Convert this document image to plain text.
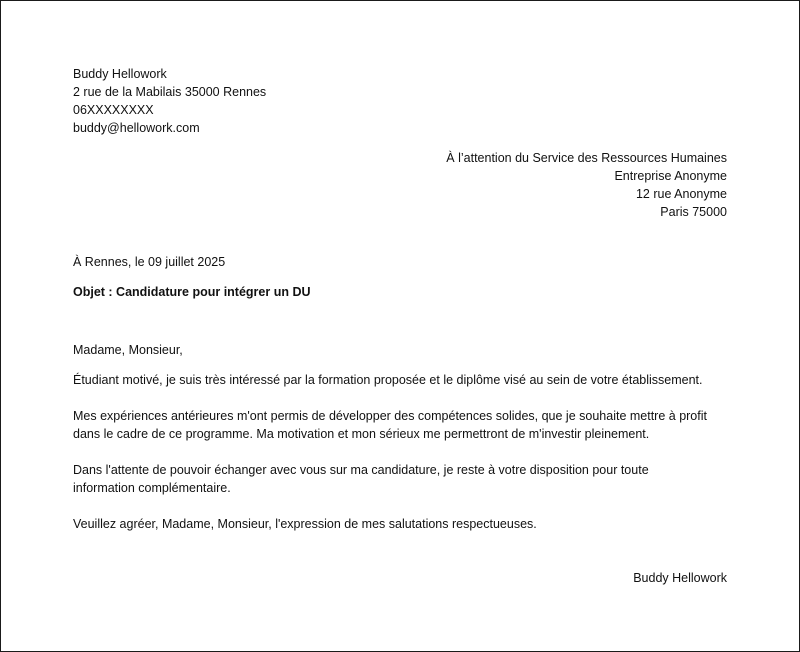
Buddy Hellowork
2 rue de la Mabilais 35000 Rennes
06XXXXXXXX
buddy@hellowork.com
À l’attention du Service des Ressources Humaines
Entreprise Anonyme
12 rue Anonyme
Paris 75000
À Rennes, le 09 juillet 2025
Objet : Candidature pour intégrer un DU
Madame, Monsieur,
Étudiant motivé, je suis très intéressé par la formation proposée et le diplôme visé au sein de votre établissement.
Mes expériences antérieures m'ont permis de développer des compétences solides, que je souhaite mettre à profit
dans le cadre de ce programme. Ma motivation et mon sérieux me permettront de m'investir pleinement.
Dans l'attente de pouvoir échanger avec vous sur ma candidature, je reste à votre disposition pour toute
information complémentaire.
Veuillez agréer, Madame, Monsieur, l'expression de mes salutations respectueuses.
Buddy Hellowork
